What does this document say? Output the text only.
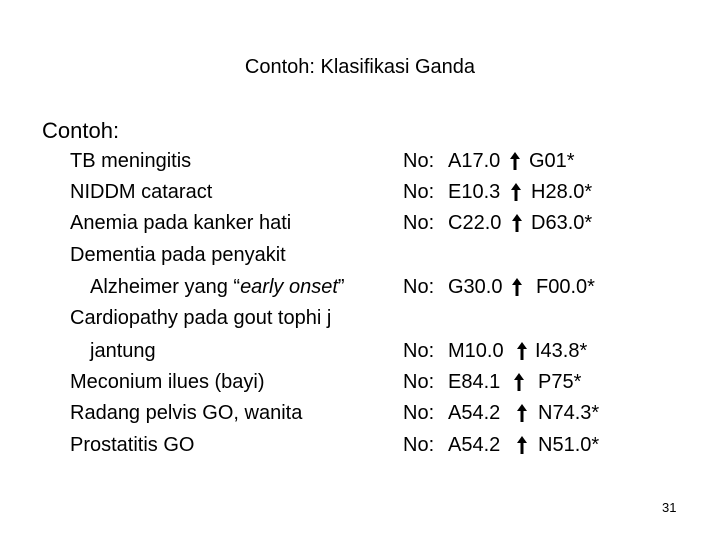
Contoh: Klasifikasi Ganda
Contoh:
TB meningitis	No: A17.0 G01*
NIDDM cataract	No: E10.3 H28.0*
Anemia pada kanker hati	No: C22.0 D63.0*
Dementia pada penyakit
Alzheimer yang “early onset”	No: G30.0 F00.0*
Cardiopathy pada gout tophi j
jantung	No: M10.0 I43.8*
Meconium ilues (bayi)	No: E84.1 P75*
Radang pelvis GO, wanita	No: A54.2 N74.3*
Prostatitis GO	No: A54.2 N51.0*
31
